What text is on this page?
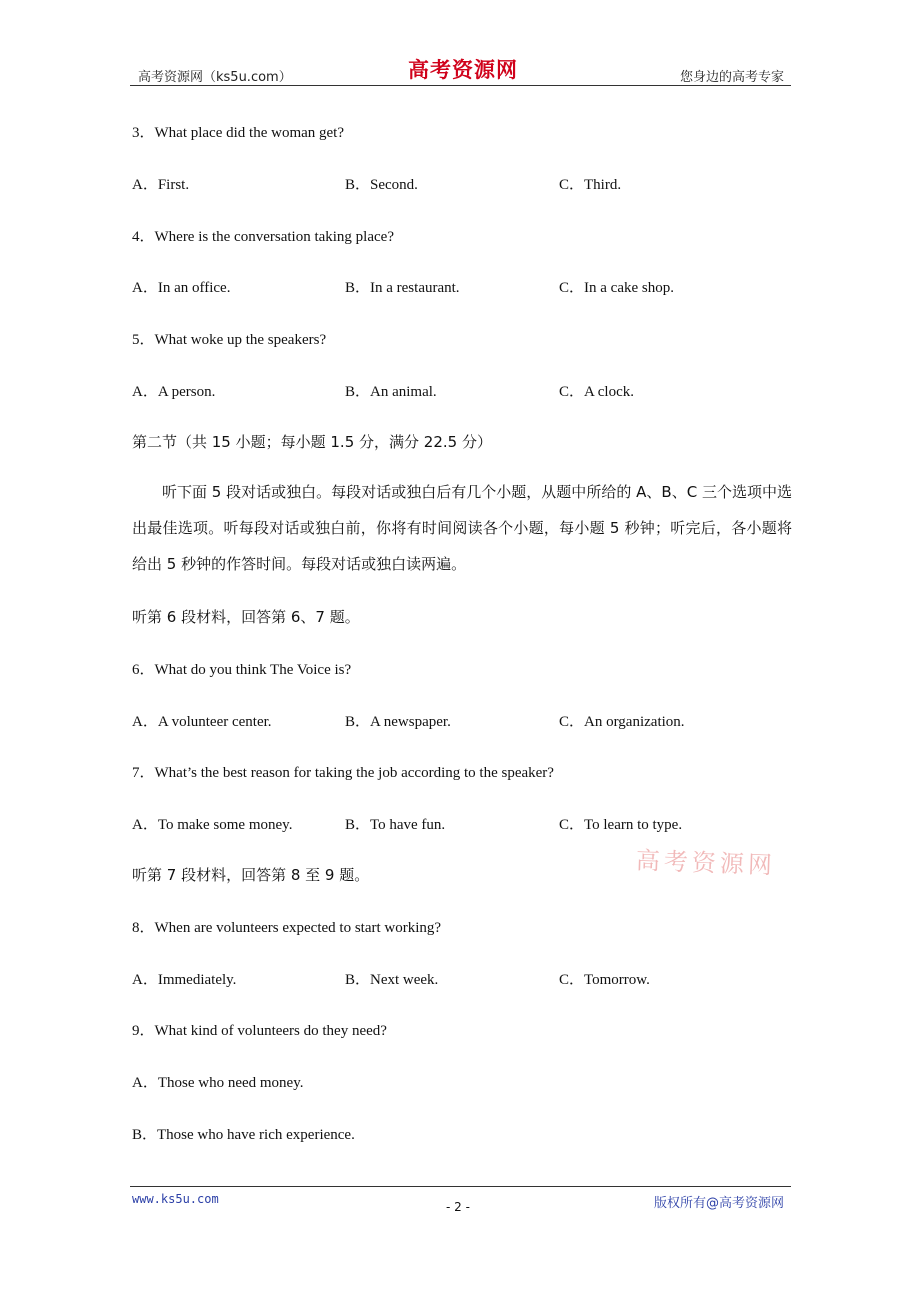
高考资源网（ks5u.com）	高考资源网	您身边的高考专家
3．What place did the woman get?
A．First.	B．Second.	C．Third.
4．Where is the conversation taking place?
A．In an office.	B．In a restaurant.	C．In a cake shop.
5．What woke up the speakers?
A．A person.	B．An animal.	C．A clock.
第二节（共 15 小题；每小题 1.5 分，满分 22.5 分）
听下面 5 段对话或独白。每段对话或独白后有几个小题，从题中所给的 A、B、C 三个选项中选出最佳选项。听每段对话或独白前，你将有时间阅读各个小题，每小题 5 秒钟；听完后，各小题将给出 5 秒钟的作答时间。每段对话或独白读两遍。
听第 6 段材料，回答第 6、7 题。
6．What do you think The Voice is?
A．A volunteer center.	B．A newspaper.	C．An organization.
7．What’s the best reason for taking the job according to the speaker?
A．To make some money.	B．To have fun.	C．To learn to type.
高考资源网
听第 7 段材料，回答第 8 至 9 题。
8．When are volunteers expected to start working?
A．Immediately.	B．Next week.	C．Tomorrow.
9．What kind of volunteers do they need?
A．Those who need money.
B．Those who have rich experience.
www.ks5u.com
- 2 -	版权所有@高考资源网
